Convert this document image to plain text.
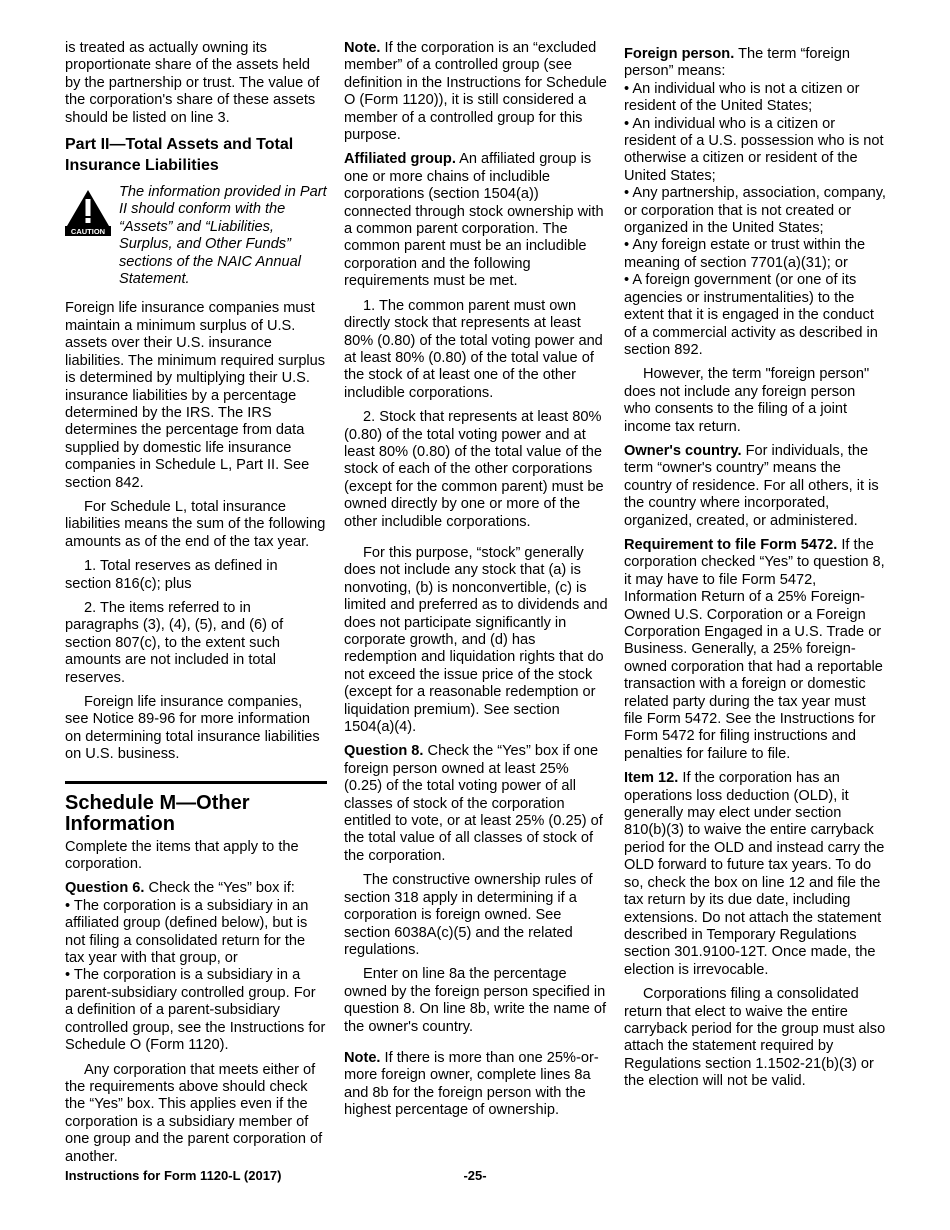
is treated as actually owning its proportionate share of the assets held by the partnership or trust. The value of the corporation's share of these assets should be listed on line 3.

Part II—Total Assets and Total Insurance Liabilities
CAUTION
The information provided in Part II should conform with the “Assets” and “Liabilities, Surplus, and Other Funds” sections of the NAIC Annual Statement.

Foreign life insurance companies must maintain a minimum surplus of U.S. assets over their U.S. insurance liabilities. The minimum required surplus is determined by multiplying their U.S. insurance liabilities by a percentage determined by the IRS. The IRS determines the percentage from data supplied by domestic life insurance companies in Schedule L, Part II. See section 842.

For Schedule L, total insurance liabilities means the sum of the following amounts as of the end of the tax year.

1. Total reserves as defined in section 816(c); plus

2. The items referred to in paragraphs (3), (4), (5), and (6) of section 807(c), to the extent such amounts are not included in total reserves.

Foreign life insurance companies, see Notice 89-96 for more information on determining total insurance liabilities on U.S. business.

Schedule M—Other Information

Complete the items that apply to the corporation.

Question 6. Check the “Yes” box if:

• The corporation is a subsidiary in an affiliated group (defined below), but is not filing a consolidated return for the tax year with that group, or

• The corporation is a subsidiary in a parent-subsidiary controlled group. For a definition of a parent-subsidiary controlled group, see the Instructions for Schedule O (Form 1120).

Any corporation that meets either of the requirements above should check the “Yes” box. This applies even if the corporation is a subsidiary member of one group and the parent corporation of another.

Note. If the corporation is an “excluded member” of a controlled group (see definition in the Instructions for Schedule O (Form 1120)), it is still considered a member of a controlled group for this purpose.

Affiliated group. An affiliated group is one or more chains of includible corporations (section 1504(a)) connected through stock ownership with a common parent corporation. The common parent must be an includible corporation and the following requirements must be met.

1. The common parent must own directly stock that represents at least 80% (0.80) of the total voting power and at least 80% (0.80) of the total value of the stock of at least one of the other includible corporations.

2. Stock that represents at least 80% (0.80) of the total voting power and at least 80% (0.80) of the total value of the stock of each of the other corporations (except for the common parent) must be owned directly by one or more of the other includible corporations.

For this purpose, “stock” generally does not include any stock that (a) is nonvoting, (b) is nonconvertible, (c) is limited and preferred as to dividends and does not participate significantly in corporate growth, and (d) has redemption and liquidation rights that do not exceed the issue price of the stock (except for a reasonable redemption or liquidation premium). See section 1504(a)(4).

Question 8. Check the “Yes” box if one foreign person owned at least 25% (0.25) of the total voting power of all classes of stock of the corporation entitled to vote, or at least 25% (0.25) of the total value of all classes of stock of the corporation.

The constructive ownership rules of section 318 apply in determining if a corporation is foreign owned. See section 6038A(c)(5) and the related regulations.

Enter on line 8a the percentage owned by the foreign person specified in question 8. On line 8b, write the name of the owner's country.

Note. If there is more than one 25%-or-more foreign owner, complete lines 8a and 8b for the foreign person with the highest percentage of ownership.

Foreign person. The term “foreign person” means:

• An individual who is not a citizen or resident of the United States;

• An individual who is a citizen or resident of a U.S. possession who is not otherwise a citizen or resident of the United States;

• Any partnership, association, company, or corporation that is not created or organized in the United States;

• Any foreign estate or trust within the meaning of section 7701(a)(31); or

• A foreign government (or one of its agencies or instrumentalities) to the extent that it is engaged in the conduct of a commercial activity as described in section 892.

However, the term "foreign person" does not include any foreign person who consents to the filing of a joint income tax return.

Owner's country. For individuals, the term “owner's country” means the country of residence. For all others, it is the country where incorporated, organized, created, or administered.

Requirement to file Form 5472. If the corporation checked “Yes” to question 8, it may have to file Form 5472, Information Return of a 25% Foreign-Owned U.S. Corporation or a Foreign Corporation Engaged in a U.S. Trade or Business. Generally, a 25% foreign-owned corporation that had a reportable transaction with a foreign or domestic related party during the tax year must file Form 5472. See the Instructions for Form 5472 for filing instructions and penalties for failure to file.

Item 12. If the corporation has an operations loss deduction (OLD), it generally may elect under section 810(b)(3) to waive the entire carryback period for the OLD and instead carry the OLD forward to future tax years. To do so, check the box on line 12 and file the tax return by its due date, including extensions. Do not attach the statement described in Temporary Regulations section 301.9100-12T. Once made, the election is irrevocable.

Corporations filing a consolidated return that elect to waive the entire carryback period for the group must also attach the statement required by Regulations section 1.1502-21(b)(3) or the election will not be valid.

Instructions for Form 1120-L (2017)	-25-
